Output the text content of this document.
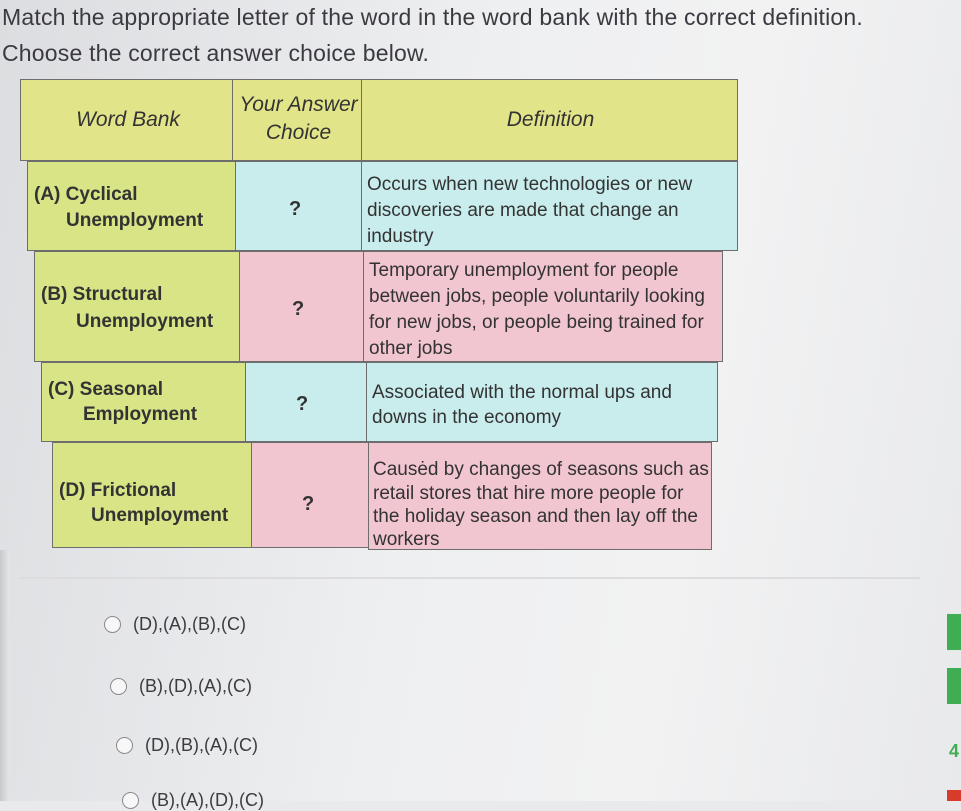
Match the appropriate letter of the word in the word bank with the correct definition.
Choose the correct answer choice below.
Word Bank
Your Answer
Choice
Definition
(A) Cyclical
Unemployment
?
Occurs when new technologies or new
discoveries are made that change an
industry
(B) Structural
Unemployment
?
Temporary unemployment for people
between jobs, people voluntarily looking
for new jobs, or people being trained for
other jobs
(C) Seasonal
Employment	?
Associated with the normal ups and
downs in the economy
(D) Frictional
Unemployment
?
Causėd by changes of seasons such as
retail stores that hire more people for
the holiday season and then lay off the
workers
(D),(A),(B),(C)
(B),(D),(A),(C)
(D),(B),(A),(C)
(B),(A),(D),(C)
4
